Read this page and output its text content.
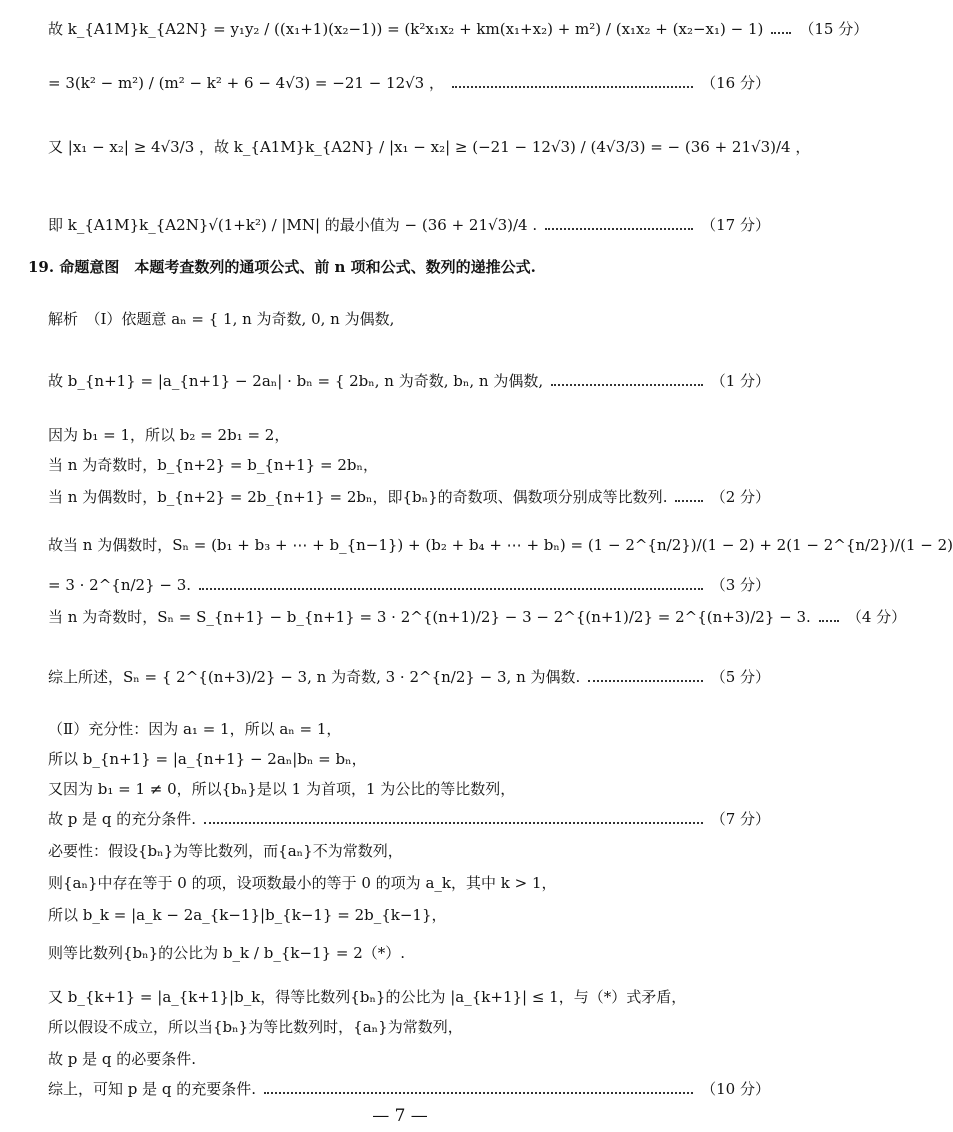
故 k_{A1M}k_{A2N} = y₁y₂ / ((x₁+1)(x₂−1)) = (k²x₁x₂ + km(x₁+x₂) + m²) / (x₁x₂ + (x₂−x₁) − 1) （15 分）
= 3(k² − m²) / (m² − k² + 6 − 4√3) = −21 − 12√3 ，	（16 分）
又 |x₁ − x₂| ≥ 4√3/3 ，故 k_{A1M}k_{A2N} / |x₁ − x₂| ≥ (−21 − 12√3) / (4√3/3) = − (36 + 21√3)/4 ，
即 k_{A1M}k_{A2N}√(1+k²) / |MN| 的最小值为 − (36 + 21√3)/4 .	（17 分）
19. 命题意图　本题考查数列的通项公式、前 n 项和公式、数列的递推公式.
解析　（Ⅰ）依题意 aₙ = { 1, n 为奇数, 0, n 为偶数,
故 b_{n+1} = |a_{n+1} − 2aₙ| · bₙ = { 2bₙ, n 为奇数, bₙ, n 为偶数,	（1 分）
因为 b₁ = 1，所以 b₂ = 2b₁ = 2，
当 n 为奇数时，b_{n+2} = b_{n+1} = 2bₙ，
当 n 为偶数时，b_{n+2} = 2b_{n+1} = 2bₙ，即{bₙ}的奇数项、偶数项分别成等比数列.	（2 分）
故当 n 为偶数时，Sₙ = (b₁ + b₃ + ⋯ + b_{n−1}) + (b₂ + b₄ + ⋯ + bₙ) = (1 − 2^{n/2})/(1 − 2) + 2(1 − 2^{n/2})/(1 − 2)
= 3 · 2^{n/2} − 3.	（3 分）
当 n 为奇数时，Sₙ = S_{n+1} − b_{n+1} = 3 · 2^{(n+1)/2} − 3 − 2^{(n+1)/2} = 2^{(n+3)/2} − 3. （4 分）
综上所述，Sₙ = { 2^{(n+3)/2} − 3, n 为奇数, 3 · 2^{n/2} − 3, n 为偶数.	（5 分）
（Ⅱ）充分性：因为 a₁ = 1，所以 aₙ = 1，
所以 b_{n+1} = |a_{n+1} − 2aₙ|bₙ = bₙ，
又因为 b₁ = 1 ≠ 0，所以{bₙ}是以 1 为首项，1 为公比的等比数列，
故 p 是 q 的充分条件.	（7 分）
必要性：假设{bₙ}为等比数列，而{aₙ}不为常数列，
则{aₙ}中存在等于 0 的项，设项数最小的等于 0 的项为 a_k，其中 k > 1，
所以 b_k = |a_k − 2a_{k−1}|b_{k−1} = 2b_{k−1}，
则等比数列{bₙ}的公比为 b_k / b_{k−1} = 2（*）.
又 b_{k+1} = |a_{k+1}|b_k，得等比数列{bₙ}的公比为 |a_{k+1}| ≤ 1，与（*）式矛盾，
所以假设不成立，所以当{bₙ}为等比数列时，{aₙ}为常数列，
故 p 是 q 的必要条件.
综上，可知 p 是 q 的充要条件.	（10 分）
— 7 —
